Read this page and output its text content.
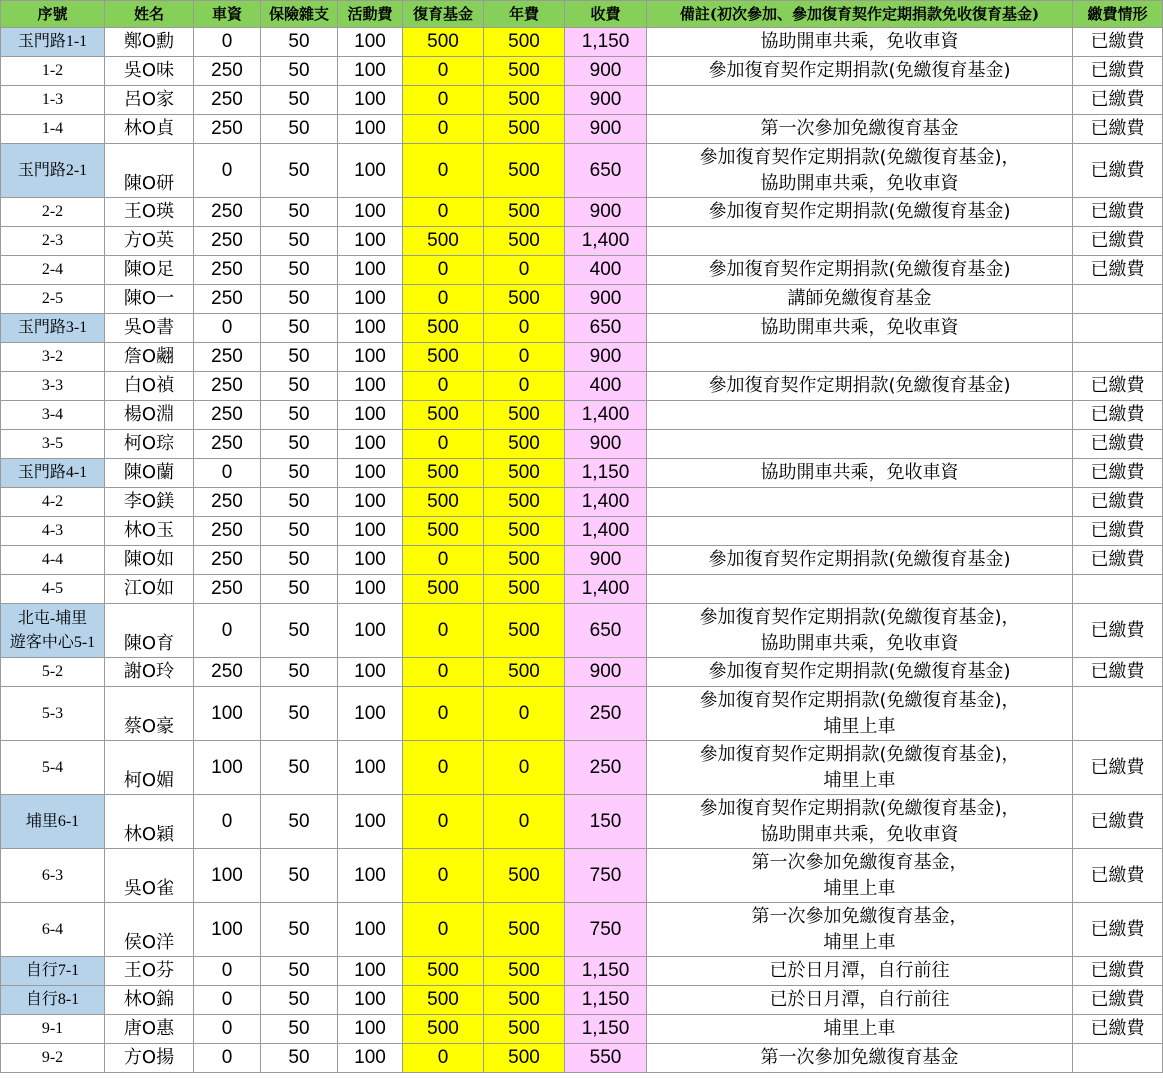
序號	姓名	車資	保險雜支	活動費	復育基金	年費	收費	備註(初次參加、參加復育契作定期捐款免收復育基金)	繳費情形
玉門路1-1	鄭O勳	0	50	100	500	500	1,150	協助開車共乘，免收車資	已繳費
1-2	吳O味	250	50	100	0	500	900	參加復育契作定期捐款(免繳復育基金)	已繳費
1-3	呂O家	250	50	100	0	500	900		已繳費
1-4	林O貞	250	50	100	0	500	900	第一次參加免繳復育基金	已繳費
玉門路2-1	陳O研	0	50	100	0	500	650	參加復育契作定期捐款(免繳復育基金)，
協助開車共乘，免收車資	已繳費
2-2	王O瑛	250	50	100	0	500	900	參加復育契作定期捐款(免繳復育基金)	已繳費
2-3	方O英	250	50	100	500	500	1,400		已繳費
2-4	陳O足	250	50	100	0	0	400	參加復育契作定期捐款(免繳復育基金)	已繳費
2-5	陳O一	250	50	100	0	500	900	講師免繳復育基金	

玉門路3-1	吳O書	0	50	100	500	0	650	協助開車共乘，免收車資	

3-2	詹O翽	250	50	100	500	0	900		
3-3	白O禎	250	50	100	0	0	400	參加復育契作定期捐款(免繳復育基金)	已繳費
3-4	楊O淵	250	50	100	500	500	1,400		已繳費
3-5	柯O琮	250	50	100	0	500	900		已繳費
玉門路4-1	陳O蘭	0	50	100	500	500	1,150	協助開車共乘，免收車資	已繳費
4-2	李O鎂	250	50	100	500	500	1,400		已繳費
4-3	林O玉	250	50	100	500	500	1,400		已繳費
4-4	陳O如	250	50	100	0	500	900	參加復育契作定期捐款(免繳復育基金)	已繳費
4-5	江O如	250	50	100	500	500	1,400		

北屯-埔里
遊客中心5-1	陳O育	0	50	100	0	500	650	參加復育契作定期捐款(免繳復育基金)，
協助開車共乘，免收車資	已繳費
5-2	謝O玲	250	50	100	0	500	900	參加復育契作定期捐款(免繳復育基金)	已繳費
5-3	蔡O豪	100	50	100	0	0	250	參加復育契作定期捐款(免繳復育基金)，
埔里上車	

5-4	柯O媚	100	50	100	0	0	250	參加復育契作定期捐款(免繳復育基金)，
埔里上車	已繳費
埔里6-1	林O穎	0	50	100	0	0	150	參加復育契作定期捐款(免繳復育基金)，
協助開車共乘，免收車資	已繳費
6-3	吳O雀	100	50	100	0	500	750	第一次參加免繳復育基金，
埔里上車	已繳費
6-4	侯O洋	100	50	100	0	500	750	第一次參加免繳復育基金，
埔里上車	已繳費
自行7-1	王O芬	0	50	100	500	500	1,150	已於日月潭，自行前往	已繳費
自行8-1	林O錦	0	50	100	500	500	1,150	已於日月潭，自行前往	已繳費
9-1	唐O惠	0	50	100	500	500	1,150	埔里上車	已繳費
9-2	方O揚	0	50	100	0	500	550	第一次參加免繳復育基金	
